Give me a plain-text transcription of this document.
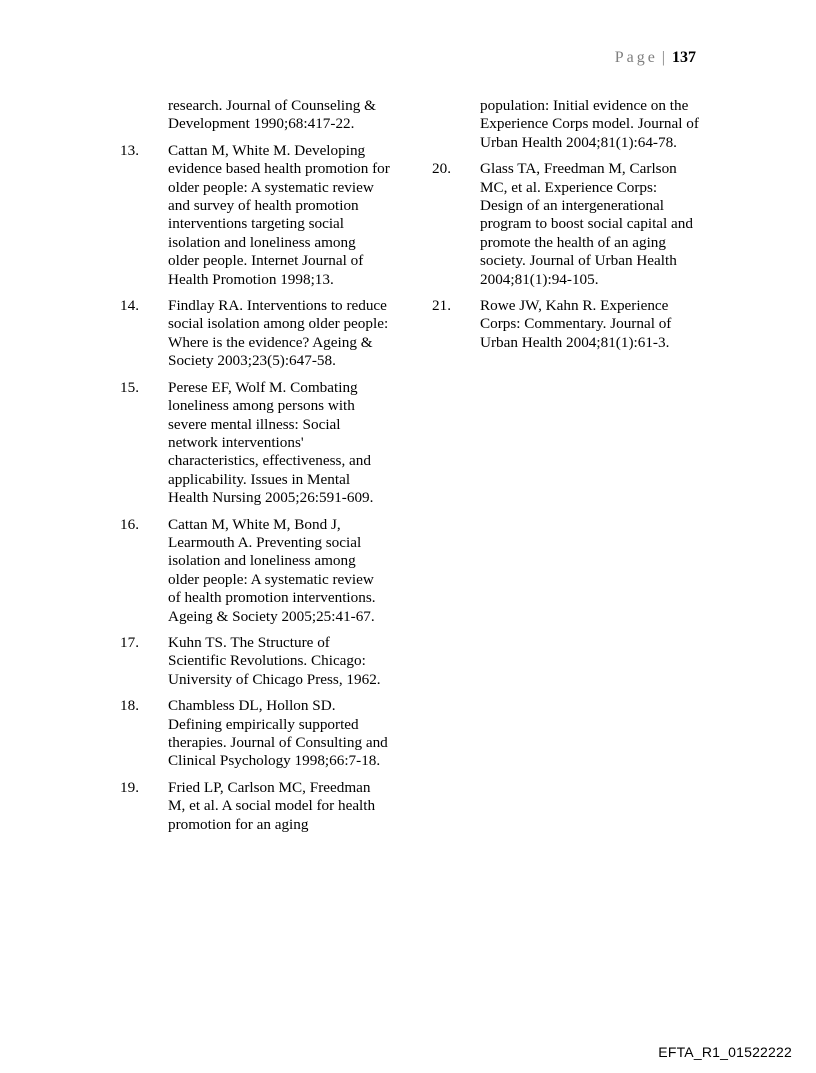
Page | 137
research. Journal of Counseling & Development 1990;68:417-22.
13. Cattan M, White M. Developing evidence based health promotion for older people: A systematic review and survey of health promotion interventions targeting social isolation and loneliness among older people. Internet Journal of Health Promotion 1998;13.
14. Findlay RA. Interventions to reduce social isolation among older people: Where is the evidence? Ageing & Society 2003;23(5):647-58.
15. Perese EF, Wolf M. Combating loneliness among persons with severe mental illness: Social network interventions' characteristics, effectiveness, and applicability. Issues in Mental Health Nursing 2005;26:591-609.
16. Cattan M, White M, Bond J, Learmouth A. Preventing social isolation and loneliness among older people: A systematic review of health promotion interventions. Ageing & Society 2005;25:41-67.
17. Kuhn TS. The Structure of Scientific Revolutions. Chicago: University of Chicago Press, 1962.
18. Chambless DL, Hollon SD. Defining empirically supported therapies. Journal of Consulting and Clinical Psychology 1998;66:7-18.
19. Fried LP, Carlson MC, Freedman M, et al. A social model for health promotion for an aging
population: Initial evidence on the Experience Corps model. Journal of Urban Health 2004;81(1):64-78.
20. Glass TA, Freedman M, Carlson MC, et al. Experience Corps: Design of an intergenerational program to boost social capital and promote the health of an aging society. Journal of Urban Health 2004;81(1):94-105.
21. Rowe JW, Kahn R. Experience Corps: Commentary. Journal of Urban Health 2004;81(1):61-3.
EFTA_R1_01522222
